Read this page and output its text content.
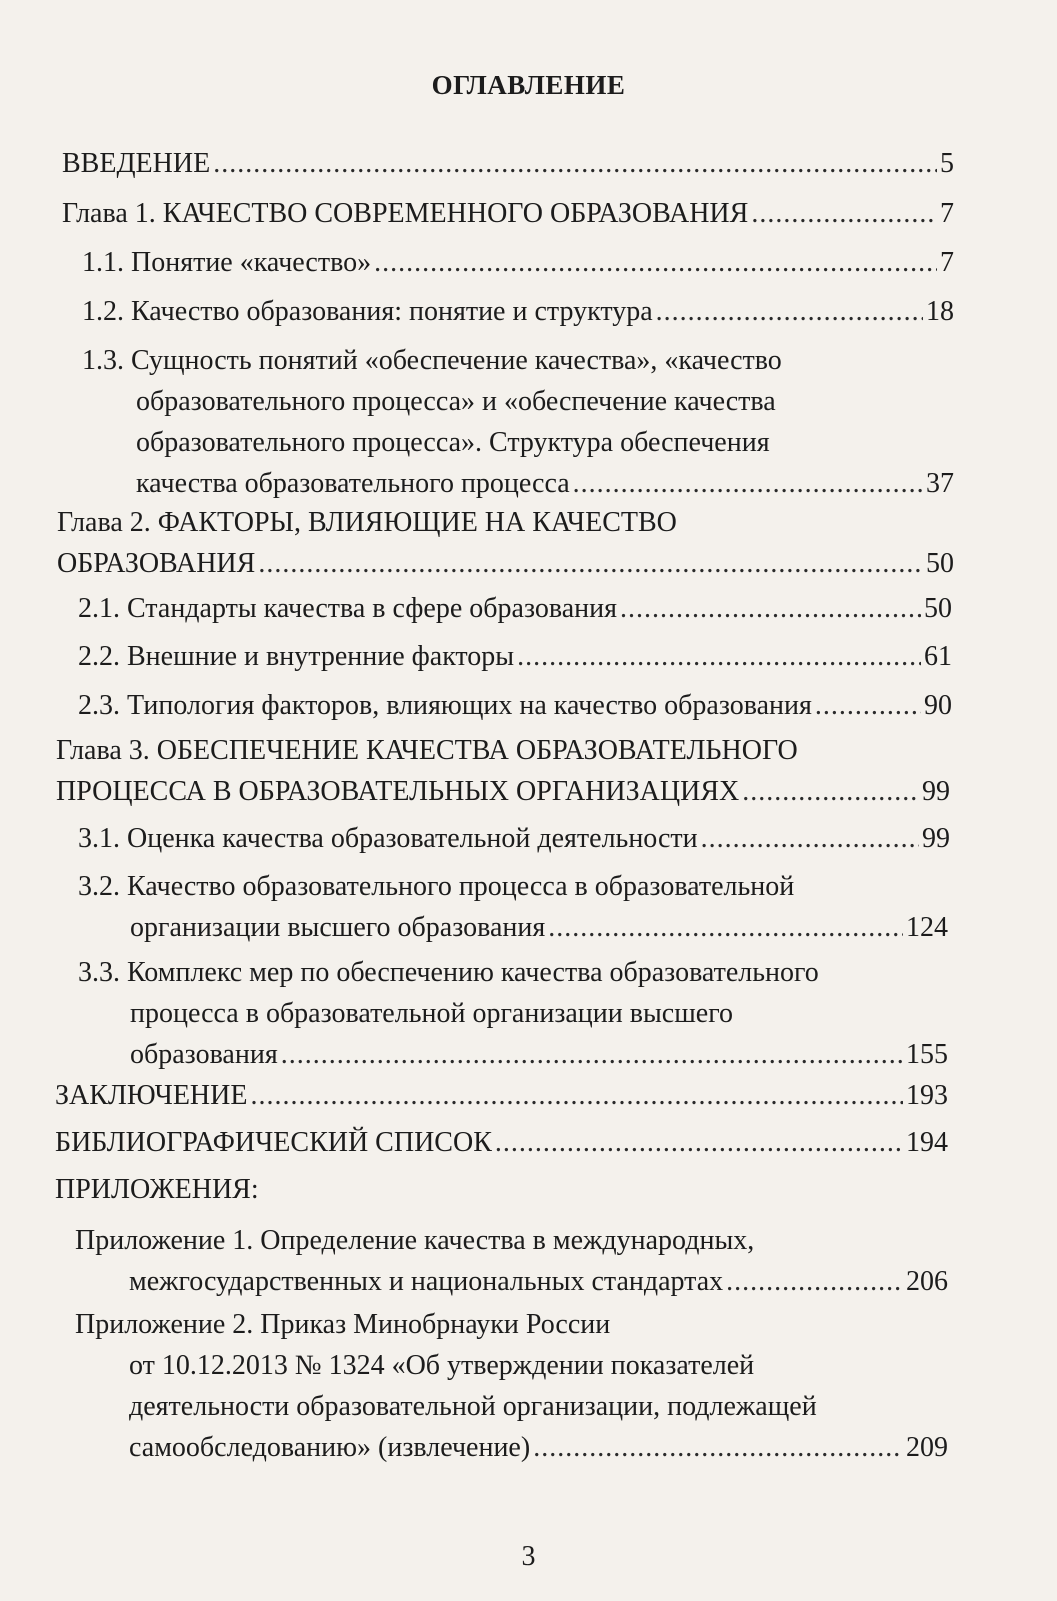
ОГЛАВЛЕНИЕ
ВВЕДЕНИЕ .....	5
Глава 1. КАЧЕСТВО СОВРЕМЕННОГО ОБРАЗОВАНИЯ .....	7
1.1. Понятие «качество» .....	7
1.2. Качество образования: понятие и структура .....	18
1.3. Сущность понятий «обеспечение качества», «качество
образовательного процесса» и «обеспечение качества
образовательного процесса». Структура обеспечения
качества образовательного процесса .....	37
Глава 2. ФАКТОРЫ, ВЛИЯЮЩИЕ НА КАЧЕСТВО
ОБРАЗОВАНИЯ .....	50
2.1. Стандарты качества в сфере образования .....	50
2.2. Внешние и внутренние факторы .....	61
2.3. Типология факторов, влияющих на качество образования .....	90
Глава 3. ОБЕСПЕЧЕНИЕ КАЧЕСТВА ОБРАЗОВАТЕЛЬНОГО
ПРОЦЕССА В ОБРАЗОВАТЕЛЬНЫХ ОРГАНИЗАЦИЯХ .....	99
3.1. Оценка качества образовательной деятельности .....	99
3.2. Качество образовательного процесса в образовательной
организации высшего образования .....	124
3.3. Комплекс мер по обеспечению качества образовательного
процесса в образовательной организации высшего
образования .....	155
ЗАКЛЮЧЕНИЕ .....	193
БИБЛИОГРАФИЧЕСКИЙ СПИСОК .....	194
ПРИЛОЖЕНИЯ:
Приложение 1. Определение качества в международных,
межгосударственных и национальных стандартах .....	206
Приложение 2. Приказ Минобрнауки России
от 10.12.2013 № 1324 «Об утверждении показателей
деятельности образовательной организации, подлежащей
самообследованию» (извлечение) .....	209
3
